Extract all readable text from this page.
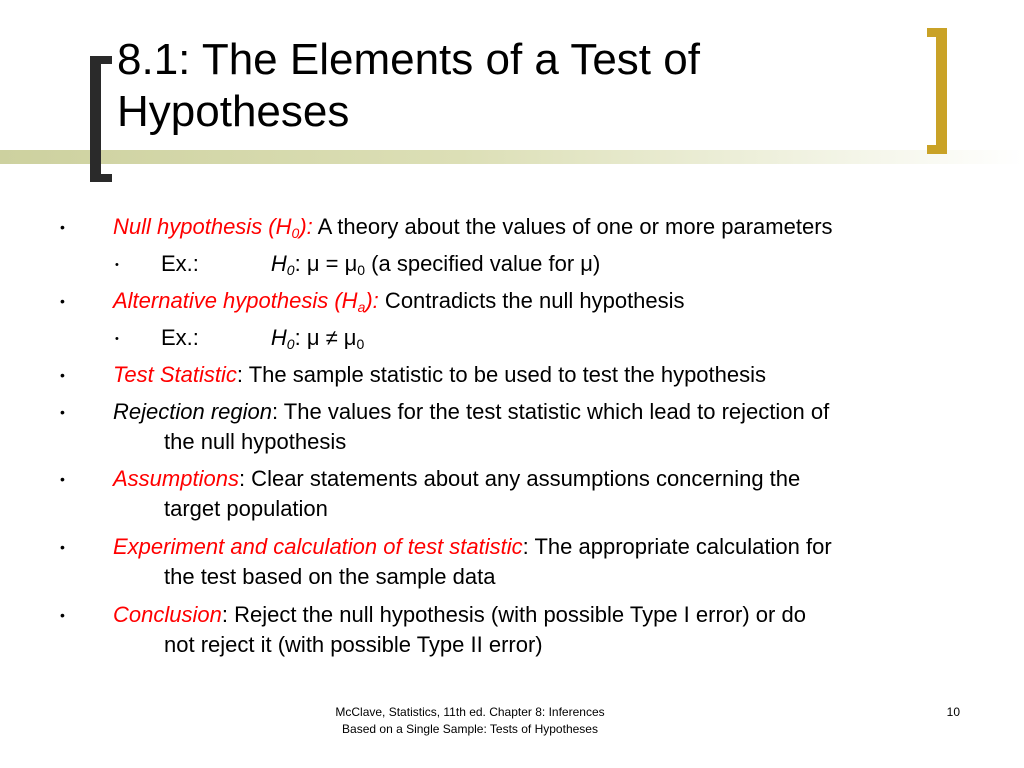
8.1: The Elements of a Test of
Hypotheses
• Null hypothesis $(H_0)$: A theory about the values of one or more parameters
• Ex.:	$H_0$: $\mu = \mu_0$ (a specified value for μ)
• Alternative hypothesis $(H_a)$: Contradicts the null hypothesis
• Ex.:	$H_0$: $\mu \ne \mu_0$
• Test Statistic: The sample statistic to be used to test the hypothesis
• Rejection region: The values for the test statistic which lead to rejection of
the null hypothesis
• Assumptions: Clear statements about any assumptions concerning the
target population
• Experiment and calculation of test statistic: The appropriate calculation for
the test based on the sample data
• Conclusion: Reject the null hypothesis (with possible Type I error) or do
not reject it (with possible Type II error)
McClave, Statistics, 11th ed. Chapter 8: Inferences
Based on a Single Sample: Tests of Hypotheses
10
